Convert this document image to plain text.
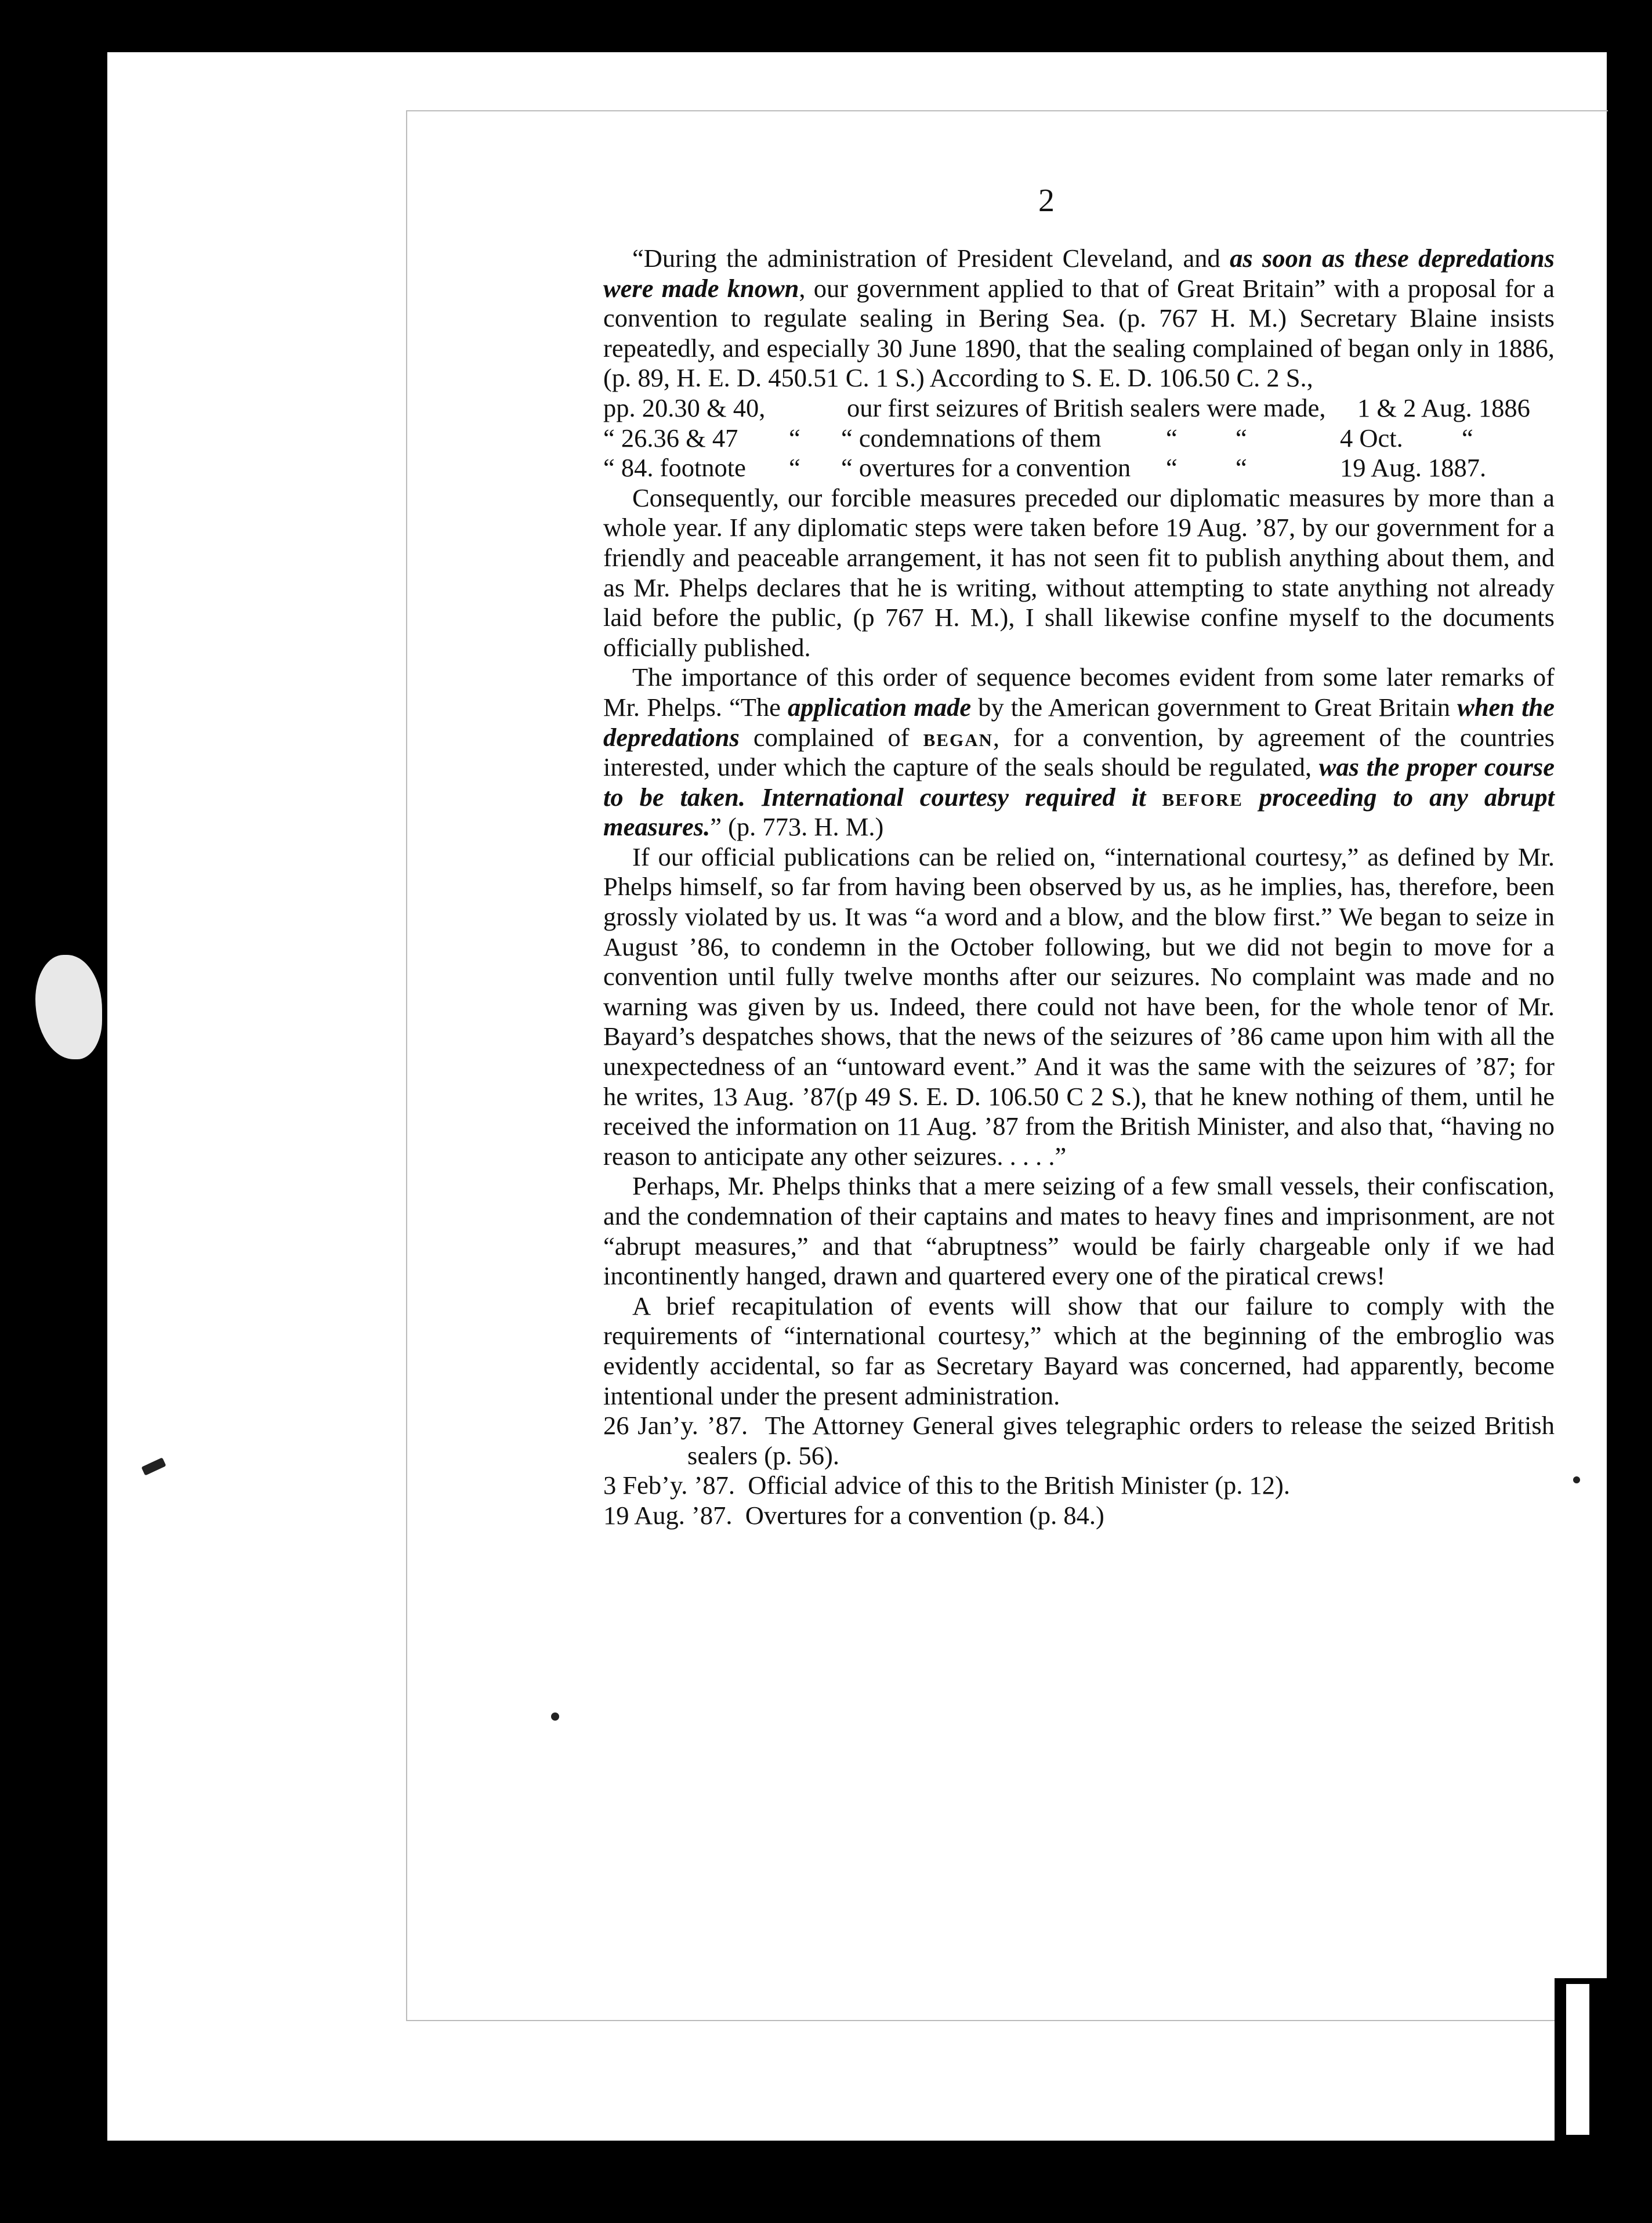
2

“During the administration of President Cleveland, and as soon as these depredations were made known, our government applied to that of Great Britain” with a proposal for a convention to regulate sealing in Bering Sea. (p. 767 H. M.) Secretary Blaine insists repeatedly, and especially 30 June 1890, that the sealing complained of began only in 1886, (p. 89, H. E. D. 450.51 C. 1 S.) According to S. E. D. 106.50 C. 2 S.,

pp. 20.30 & 40,	our first seizures of British sealers were made,	1 & 2 Aug. 1886
“ 26.36 & 47	“	“ condemnations of them	“	“	4 Oct.	“
“ 84. footnote	“	“ overtures for a convention	“	“	19 Aug. 1887.

Consequently, our forcible measures preceded our diplomatic measures by more than a whole year. If any diplomatic steps were taken before 19 Aug. ’87, by our government for a friendly and peaceable arrangement, it has not seen fit to publish anything about them, and as Mr. Phelps declares that he is writing, without attempting to state anything not already laid before the public, (p 767 H. M.), I shall likewise confine myself to the documents officially published.

The importance of this order of sequence becomes evident from some later remarks of Mr. Phelps. “The application made by the American government to Great Britain when the depredations complained of began, for a convention, by agreement of the countries interested, under which the capture of the seals should be regulated, was the proper course to be taken. International courtesy required it before proceeding to any abrupt measures.” (p. 773. H. M.)

If our official publications can be relied on, “international courtesy,” as defined by Mr. Phelps himself, so far from having been observed by us, as he implies, has, therefore, been grossly violated by us. It was “a word and a blow, and the blow first.” We began to seize in August ’86, to condemn in the October following, but we did not begin to move for a convention until fully twelve months after our seizures. No complaint was made and no warning was given by us. Indeed, there could not have been, for the whole tenor of Mr. Bayard’s despatches shows, that the news of the seizures of ’86 came upon him with all the unexpectedness of an “untoward event.” And it was the same with the seizures of ’87; for he writes, 13 Aug. ’87(p 49 S. E. D. 106.50 C 2 S.), that he knew nothing of them, until he received the information on 11 Aug. ’87 from the British Minister, and also that, “having no reason to anticipate any other seizures. . . . .”

Perhaps, Mr. Phelps thinks that a mere seizing of a few small vessels, their confiscation, and the condemnation of their captains and mates to heavy fines and imprisonment, are not “abrupt measures,” and that “abruptness” would be fairly chargeable only if we had incontinently hanged, drawn and quartered every one of the piratical crews!

A brief recapitulation of events will show that our failure to comply with the requirements of “international courtesy,” which at the beginning of the embroglio was evidently accidental, so far as Secretary Bayard was concerned, had apparently, become intentional under the present administration.

26 Jan’y. ’87. The Attorney General gives telegraphic orders to release the seized British sealers (p. 56).

3 Feb’y. ’87. Official advice of this to the British Minister (p. 12).

19 Aug. ’87. Overtures for a convention (p. 84.)
